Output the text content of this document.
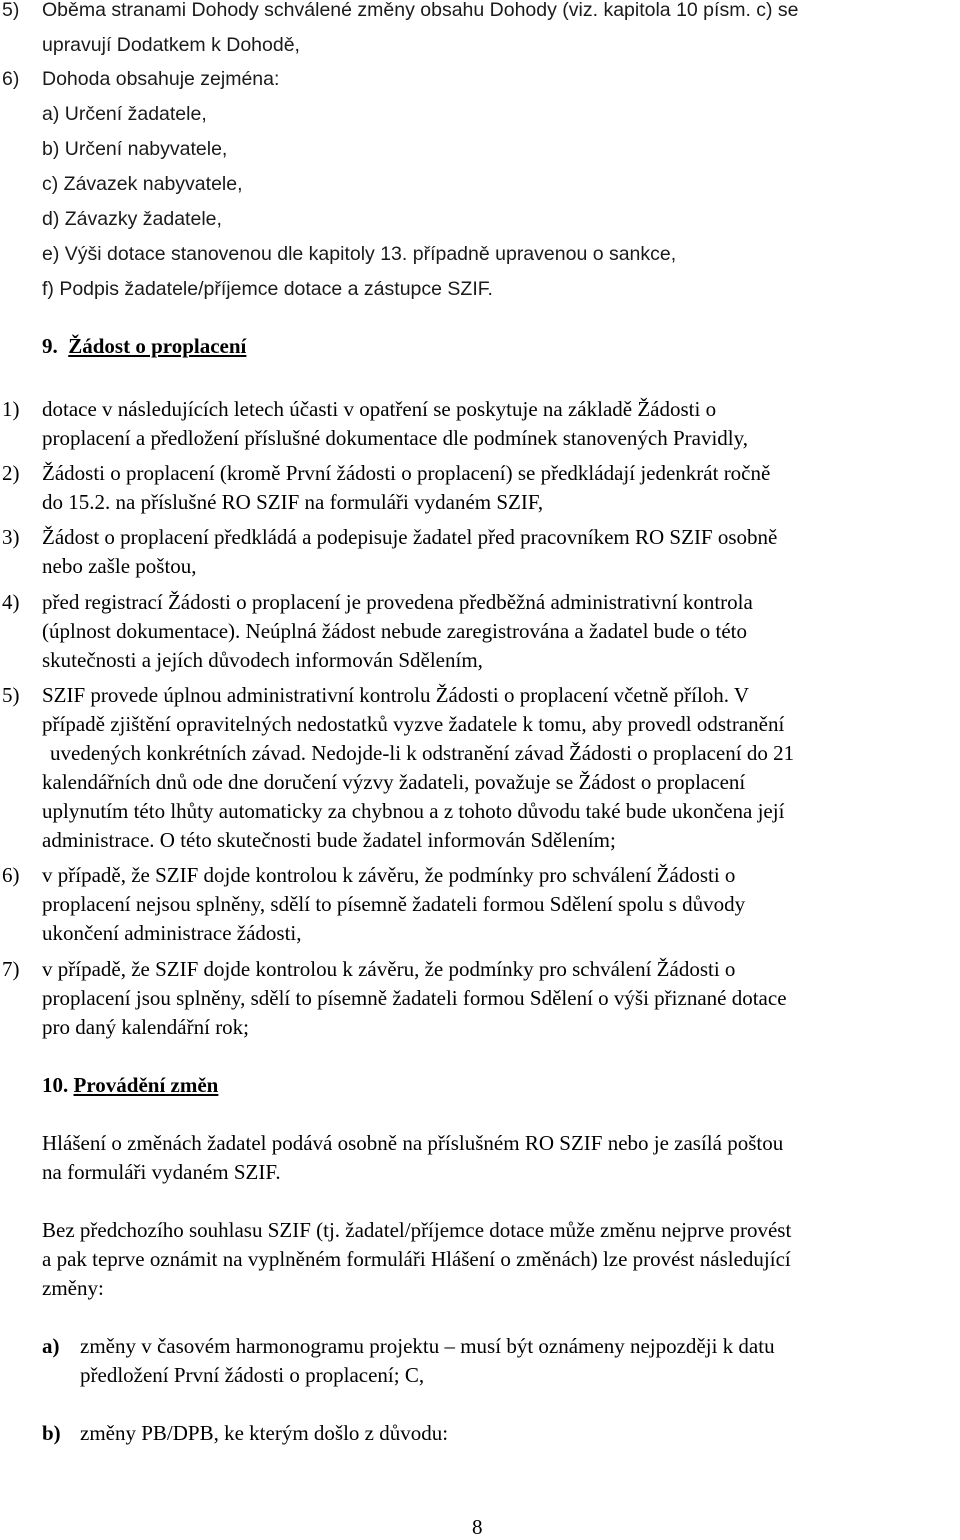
5) Oběma stranami Dohody schválené změny obsahu Dohody (viz. kapitola 10 písm. c) se
upravují Dodatkem k Dohodě,
6) Dohoda obsahuje zejména:
a) Určení žadatele,
b) Určení nabyvatele,
c) Závazek nabyvatele,
d) Závazky žadatele,
e) Výši dotace stanovenou dle kapitoly 13. případně upravenou o sankce,
f) Podpis žadatele/příjemce dotace a zástupce SZIF.
9. Žádost o proplacení
1) dotace v následujících letech účasti v opatření se poskytuje na základě Žádosti o
proplacení a předložení příslušné dokumentace dle podmínek stanovených Pravidly,
2) Žádosti o proplacení (kromě První žádosti o proplacení) se předkládají jedenkrát ročně
do 15.2. na příslušné RO SZIF na formuláři vydaném SZIF,
3) Žádost o proplacení předkládá a podepisuje žadatel před pracovníkem RO SZIF osobně
nebo zašle poštou,
4) před registrací Žádosti o proplacení je provedena předběžná administrativní kontrola
(úplnost dokumentace). Neúplná žádost nebude zaregistrována a žadatel bude o této
skutečnosti a jejích důvodech informován Sdělením,
5) SZIF provede úplnou administrativní kontrolu Žádosti o proplacení včetně příloh. V
případě zjištění opravitelných nedostatků vyzve žadatele k tomu, aby provedl odstranění
uvedených konkrétních závad. Nedojde-li k odstranění závad Žádosti o proplacení do 21
kalendářních dnů ode dne doručení výzvy žadateli, považuje se Žádost o proplacení
uplynutím této lhůty automaticky za chybnou a z tohoto důvodu také bude ukončena její
administrace. O této skutečnosti bude žadatel informován Sdělením;
6) v případě, že SZIF dojde kontrolou k závěru, že podmínky pro schválení Žádosti o
proplacení nejsou splněny, sdělí to písemně žadateli formou Sdělení spolu s důvody
ukončení administrace žádosti,
7) v případě, že SZIF dojde kontrolou k závěru, že podmínky pro schválení Žádosti o
proplacení jsou splněny, sdělí to písemně žadateli formou Sdělení o výši přiznané dotace
pro daný kalendářní rok;
10. Provádění změn
Hlášení o změnách žadatel podává osobně na příslušném RO SZIF nebo je zasílá poštou
na formuláři vydaném SZIF.
Bez předchozího souhlasu SZIF (tj. žadatel/příjemce dotace může změnu nejprve provést
a pak teprve oznámit na vyplněném formuláři Hlášení o změnách) lze provést následující
změny:
a) změny v časovém harmonogramu projektu – musí být oznámeny nejpozději k datu
předložení První žádosti o proplacení; C,
b) změny PB/DPB, ke kterým došlo z důvodu:
8
